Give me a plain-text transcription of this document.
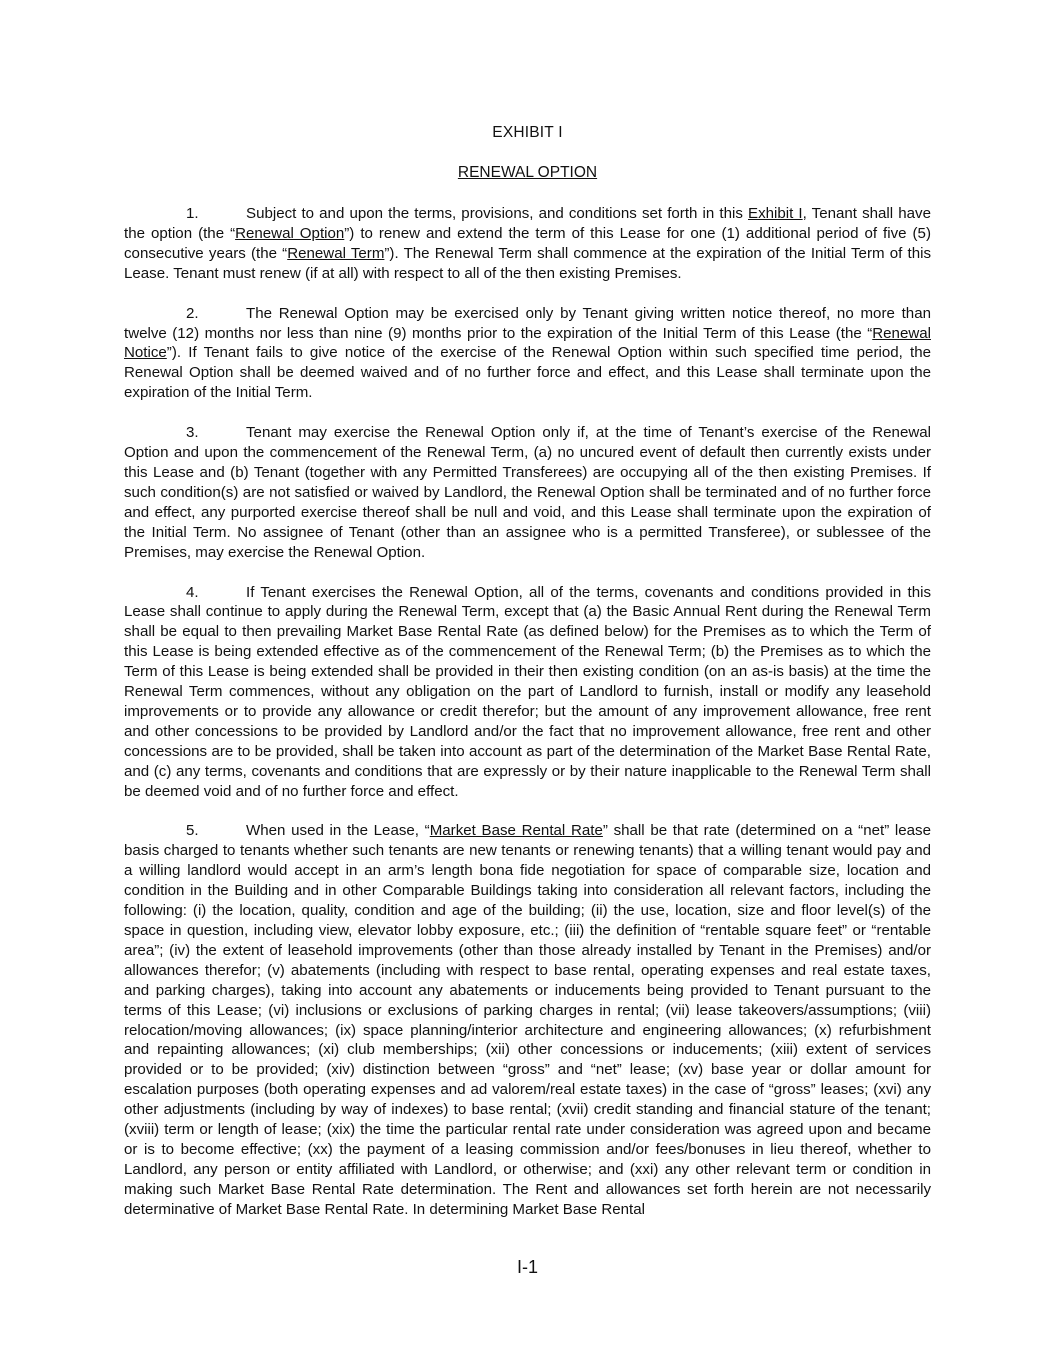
EXHIBIT I
RENEWAL OPTION

1.	Subject to and upon the terms, provisions, and conditions set forth in this Exhibit I, Tenant shall have the option (the “Renewal Option”) to renew and extend the term of this Lease for one (1) additional period of five (5) consecutive years (the “Renewal Term”). The Renewal Term shall commence at the expiration of the Initial Term of this Lease. Tenant must renew (if at all) with respect to all of the then existing Premises.

2.	The Renewal Option may be exercised only by Tenant giving written notice thereof, no more than twelve (12) months nor less than nine (9) months prior to the expiration of the Initial Term of this Lease (the “Renewal Notice”). If Tenant fails to give notice of the exercise of the Renewal Option within such specified time period, the Renewal Option shall be deemed waived and of no further force and effect, and this Lease shall terminate upon the expiration of the Initial Term.

3.	Tenant may exercise the Renewal Option only if, at the time of Tenant’s exercise of the Renewal Option and upon the commencement of the Renewal Term, (a) no uncured event of default then currently exists under this Lease and (b) Tenant (together with any Permitted Transferees) are occupying all of the then existing Premises. If such condition(s) are not satisfied or waived by Landlord, the Renewal Option shall be terminated and of no further force and effect, any purported exercise thereof shall be null and void, and this Lease shall terminate upon the expiration of the Initial Term. No assignee of Tenant (other than an assignee who is a permitted Transferee), or sublessee of the Premises, may exercise the Renewal Option.

4.	If Tenant exercises the Renewal Option, all of the terms, covenants and conditions provided in this Lease shall continue to apply during the Renewal Term, except that (a) the Basic Annual Rent during the Renewal Term shall be equal to then prevailing Market Base Rental Rate (as defined below) for the Premises as to which the Term of this Lease is being extended effective as of the commencement of the Renewal Term; (b) the Premises as to which the Term of this Lease is being extended shall be provided in their then existing condition (on an as-is basis) at the time the Renewal Term commences, without any obligation on the part of Landlord to furnish, install or modify any leasehold improvements or to provide any allowance or credit therefor; but the amount of any improvement allowance, free rent and other concessions to be provided by Landlord and/or the fact that no improvement allowance, free rent and other concessions are to be provided, shall be taken into account as part of the determination of the Market Base Rental Rate, and (c) any terms, covenants and conditions that are expressly or by their nature inapplicable to the Renewal Term shall be deemed void and of no further force and effect.

5.	When used in the Lease, “Market Base Rental Rate” shall be that rate (determined on a “net” lease basis charged to tenants whether such tenants are new tenants or renewing tenants) that a willing tenant would pay and a willing landlord would accept in an arm’s length bona fide negotiation for space of comparable size, location and condition in the Building and in other Comparable Buildings taking into consideration all relevant factors, including the following: (i) the location, quality, condition and age of the building; (ii) the use, location, size and floor level(s) of the space in question, including view, elevator lobby exposure, etc.; (iii) the definition of “rentable square feet” or “rentable area”; (iv) the extent of leasehold improvements (other than those already installed by Tenant in the Premises) and/or allowances therefor; (v) abatements (including with respect to base rental, operating expenses and real estate taxes, and parking charges), taking into account any abatements or inducements being provided to Tenant pursuant to the terms of this Lease; (vi) inclusions or exclusions of parking charges in rental; (vii) lease takeovers/assumptions; (viii) relocation/moving allowances; (ix) space planning/interior architecture and engineering allowances; (x) refurbishment and repainting allowances; (xi) club memberships; (xii) other concessions or inducements; (xiii) extent of services provided or to be provided; (xiv) distinction between “gross” and “net” lease; (xv) base year or dollar amount for escalation purposes (both operating expenses and ad valorem/real estate taxes) in the case of “gross” leases; (xvi) any other adjustments (including by way of indexes) to base rental; (xvii) credit standing and financial stature of the tenant; (xviii) term or length of lease; (xix) the time the particular rental rate under consideration was agreed upon and became or is to become effective; (xx) the payment of a leasing commission and/or fees/bonuses in lieu thereof, whether to Landlord, any person or entity affiliated with Landlord, or otherwise; and (xxi) any other relevant term or condition in making such Market Base Rental Rate determination. The Rent and allowances set forth herein are not necessarily determinative of Market Base Rental Rate. In determining Market Base Rental

I-1
